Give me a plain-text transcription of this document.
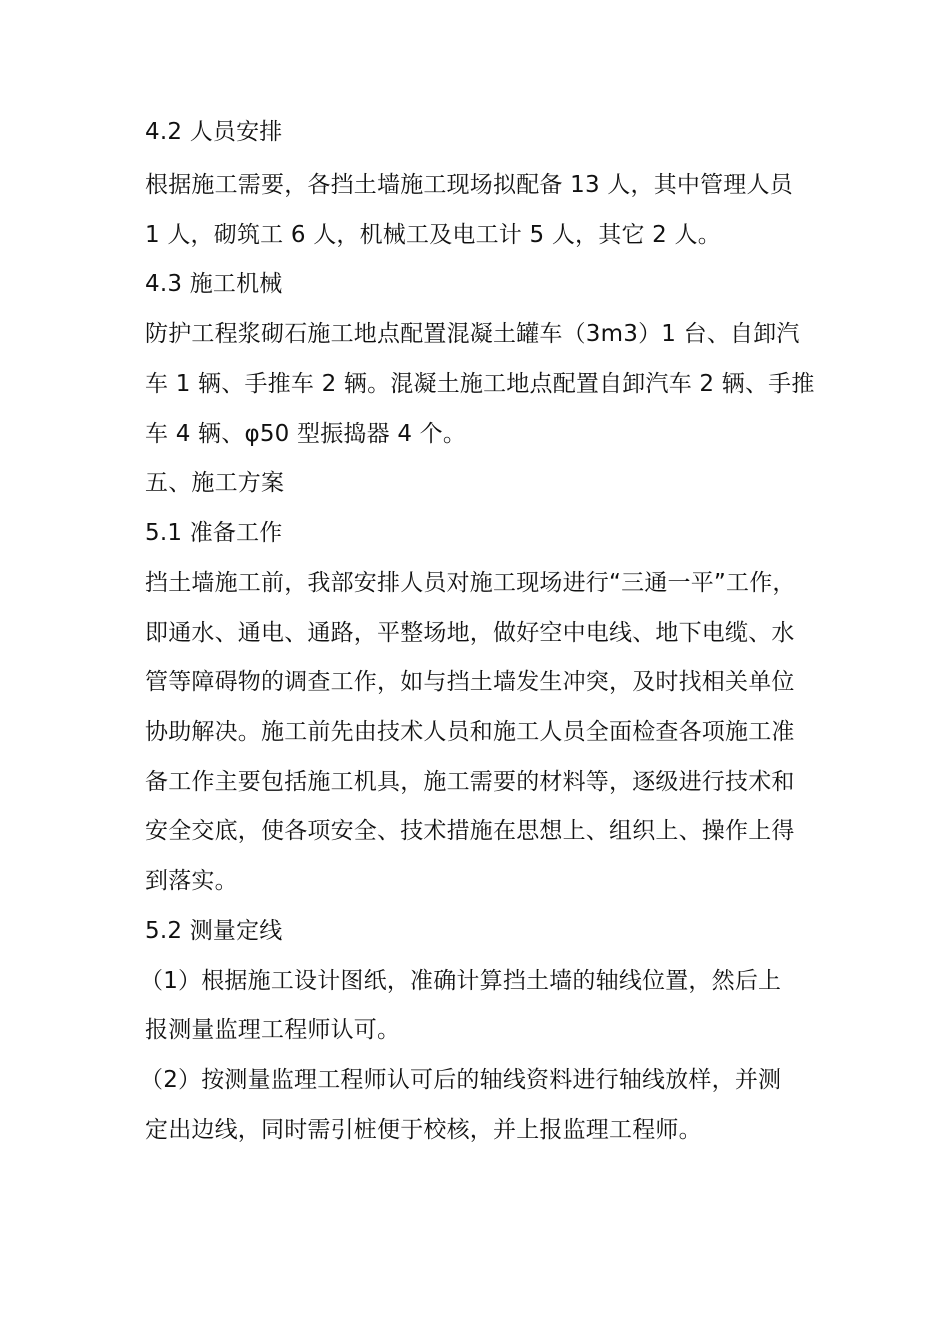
4.2 人员安排
根据施工需要，各挡土墙施工现场拟配备 13 人，其中管理人员
1 人，砌筑工 6 人，机械工及电工计 5 人，其它 2 人。
4.3 施工机械
防护工程浆砌石施工地点配置混凝土罐车（3m3）1 台、自卸汽
车 1 辆、手推车 2 辆。混凝土施工地点配置自卸汽车 2 辆、手推
车 4 辆、φ50 型振捣器 4 个。
五、施工方案
5.1 准备工作
挡土墙施工前，我部安排人员对施工现场进行“三通一平”工作，
即通水、通电、通路，平整场地，做好空中电线、地下电缆、水
管等障碍物的调查工作，如与挡土墙发生冲突，及时找相关单位
协助解决。施工前先由技术人员和施工人员全面检查各项施工准
备工作主要包括施工机具，施工需要的材料等，逐级进行技术和
安全交底，使各项安全、技术措施在思想上、组织上、操作上得
到落实。
5.2 测量定线
（1）根据施工设计图纸，准确计算挡土墙的轴线位置，然后上
报测量监理工程师认可。
（2）按测量监理工程师认可后的轴线资料进行轴线放样，并测
定出边线，同时需引桩便于校核，并上报监理工程师。
